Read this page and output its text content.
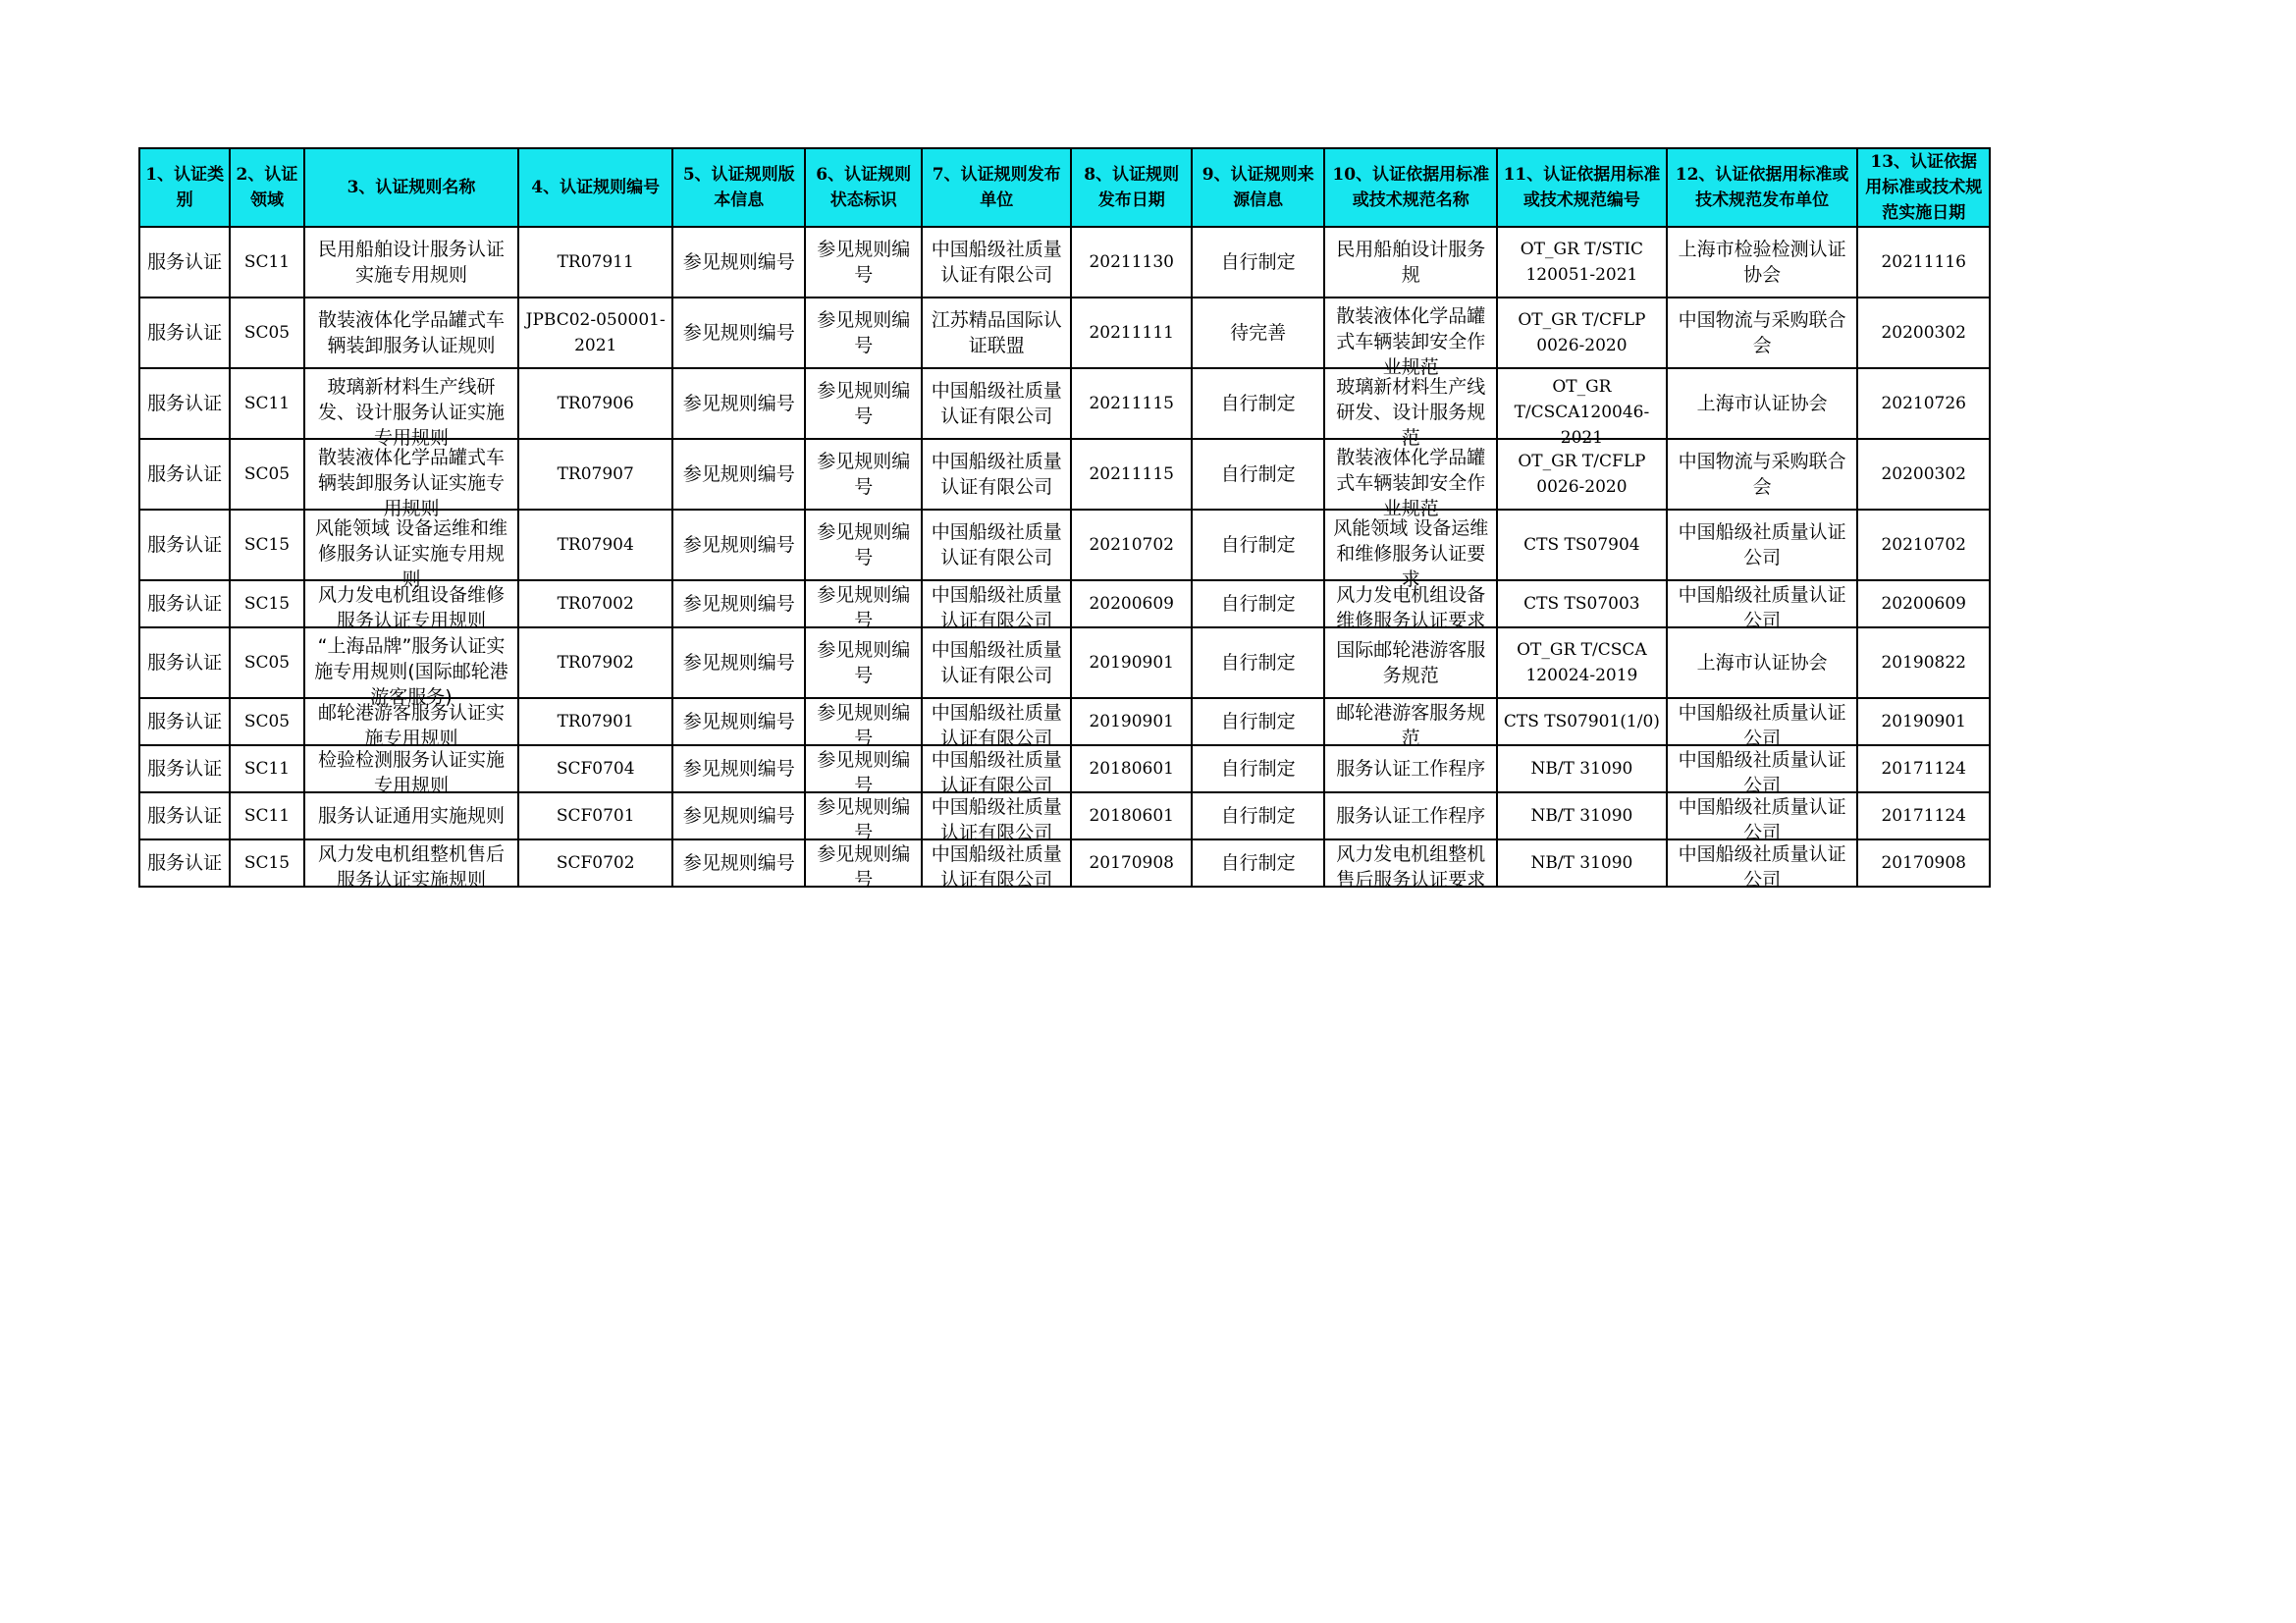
1、认证类别	2、认证领域	3、认证规则名称	4、认证规则编号	5、认证规则版本信息	6、认证规则状态标识	7、认证规则发布单位	8、认证规则发布日期	9、认证规则来源信息	10、认证依据用标准或技术规范名称	11、认证依据用标准或技术规范编号	12、认证依据用标准或技术规范发布单位	13、认证依据用标准或技术规范实施日期

服务认证	SC11	民用船舶设计服务认证实施专用规则	TR07911	参见规则编号	参见规则编号	中国船级社质量认证有限公司	20211130	自行制定	民用船舶设计服务规	OT_GR T/STIC 120051-2021	上海市检验检测认证协会	20211116

服务认证	SC05	散装液体化学品罐式车辆装卸服务认证规则	JPBC02-050001-2021	参见规则编号	参见规则编号	江苏精品国际认证联盟	20211111	待完善	散装液体化学品罐式车辆装卸安全作业规范	OT_GR T/CFLP 0026-2020	中国物流与采购联合会	20200302

服务认证	SC11	玻璃新材料生产线研发、设计服务认证实施专用规则	TR07906	参见规则编号	参见规则编号	中国船级社质量认证有限公司	20211115	自行制定	玻璃新材料生产线研发、设计服务规范	OT_GR T/CSCA120046-2021	上海市认证协会	20210726

服务认证	SC05	散装液体化学品罐式车辆装卸服务认证实施专用规则	TR07907	参见规则编号	参见规则编号	中国船级社质量认证有限公司	20211115	自行制定	散装液体化学品罐式车辆装卸安全作业规范	OT_GR T/CFLP 0026-2020	中国物流与采购联合会	20200302

服务认证	SC15	风能领域 设备运维和维修服务认证实施专用规则	TR07904	参见规则编号	参见规则编号	中国船级社质量认证有限公司	20210702	自行制定	风能领域 设备运维和维修服务认证要求	CTS TS07904	中国船级社质量认证公司	20210702

服务认证	SC15	风力发电机组设备维修服务认证专用规则	TR07002	参见规则编号	参见规则编号	中国船级社质量认证有限公司	20200609	自行制定	风力发电机组设备维修服务认证要求	CTS TS07003	中国船级社质量认证公司	20200609

服务认证	SC05	“上海品牌”服务认证实施专用规则(国际邮轮港游客服务)	TR07902	参见规则编号	参见规则编号	中国船级社质量认证有限公司	20190901	自行制定	国际邮轮港游客服务规范	OT_GR T/CSCA 120024-2019	上海市认证协会	20190822

服务认证	SC05	邮轮港游客服务认证实施专用规则	TR07901	参见规则编号	参见规则编号	中国船级社质量认证有限公司	20190901	自行制定	邮轮港游客服务规范	CTS TS07901(1/0)	中国船级社质量认证公司	20190901

服务认证	SC11	检验检测服务认证实施专用规则	SCF0704	参见规则编号	参见规则编号	中国船级社质量认证有限公司	20180601	自行制定	服务认证工作程序	NB/T 31090	中国船级社质量认证公司	20171124

服务认证	SC11	服务认证通用实施规则	SCF0701	参见规则编号	参见规则编号	中国船级社质量认证有限公司	20180601	自行制定	服务认证工作程序	NB/T 31090	中国船级社质量认证公司	20171124

服务认证	SC15	风力发电机组整机售后服务认证实施规则	SCF0702	参见规则编号	参见规则编号	中国船级社质量认证有限公司	20170908	自行制定	风力发电机组整机售后服务认证要求	NB/T 31090	中国船级社质量认证公司	20170908
